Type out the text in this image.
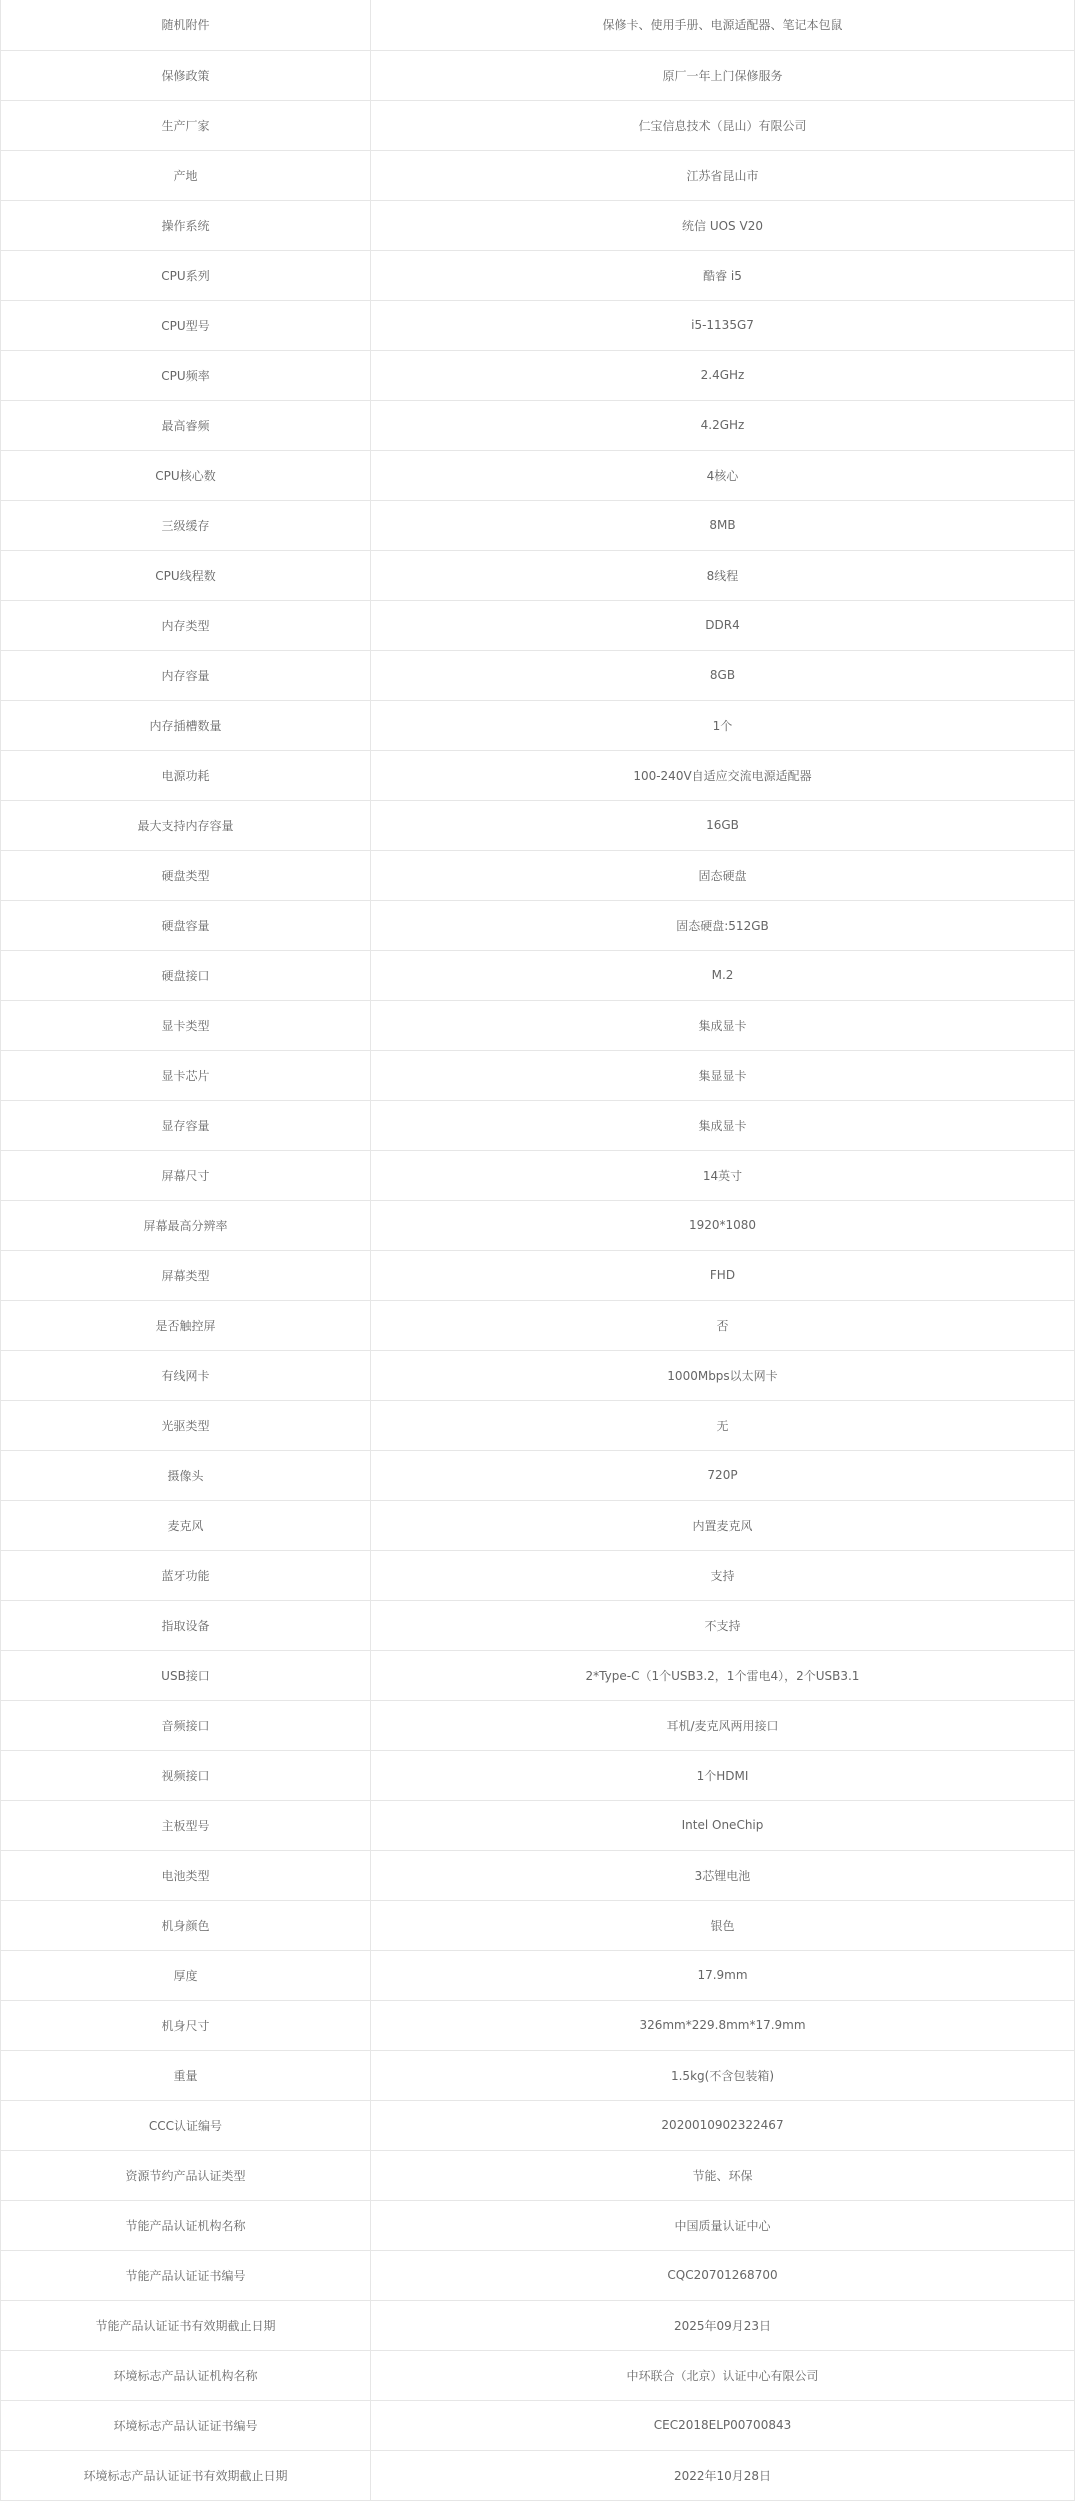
随机附件	保修卡、使用手册、电源适配器、笔记本包鼠
保修政策	原厂一年上门保修服务
生产厂家	仁宝信息技术（昆山）有限公司
产地	江苏省昆山市
操作系统	统信 UOS V20
CPU系列	酷睿 i5
CPU型号	i5-1135G7
CPU频率	2.4GHz
最高睿频	4.2GHz
CPU核心数	4核心
三级缓存	8MB
CPU线程数	8线程
内存类型	DDR4
内存容量	8GB
内存插槽数量	1个
电源功耗	100-240V自适应交流电源适配器
最大支持内存容量	16GB
硬盘类型	固态硬盘
硬盘容量	固态硬盘:512GB
硬盘接口	M.2
显卡类型	集成显卡
显卡芯片	集显显卡
显存容量	集成显卡
屏幕尺寸	14英寸
屏幕最高分辨率	1920*1080
屏幕类型	FHD
是否触控屏	否
有线网卡	1000Mbps以太网卡
光驱类型	无
摄像头	720P
麦克风	内置麦克风
蓝牙功能	支持
指取设备	不支持
USB接口	2*Type-C（1个USB3.2，1个雷电4），2个USB3.1
音频接口	耳机/麦克风两用接口
视频接口	1个HDMI
主板型号	Intel OneChip
电池类型	3芯锂电池
机身颜色	银色
厚度	17.9mm
机身尺寸	326mm*229.8mm*17.9mm
重量	1.5kg(不含包装箱)
CCC认证编号	2020010902322467
资源节约产品认证类型	节能、环保
节能产品认证机构名称	中国质量认证中心
节能产品认证证书编号	CQC20701268700
节能产品认证证书有效期截止日期	2025年09月23日
环境标志产品认证机构名称	中环联合（北京）认证中心有限公司
环境标志产品认证证书编号	CEC2018ELP00700843
环境标志产品认证证书有效期截止日期	2022年10月28日
